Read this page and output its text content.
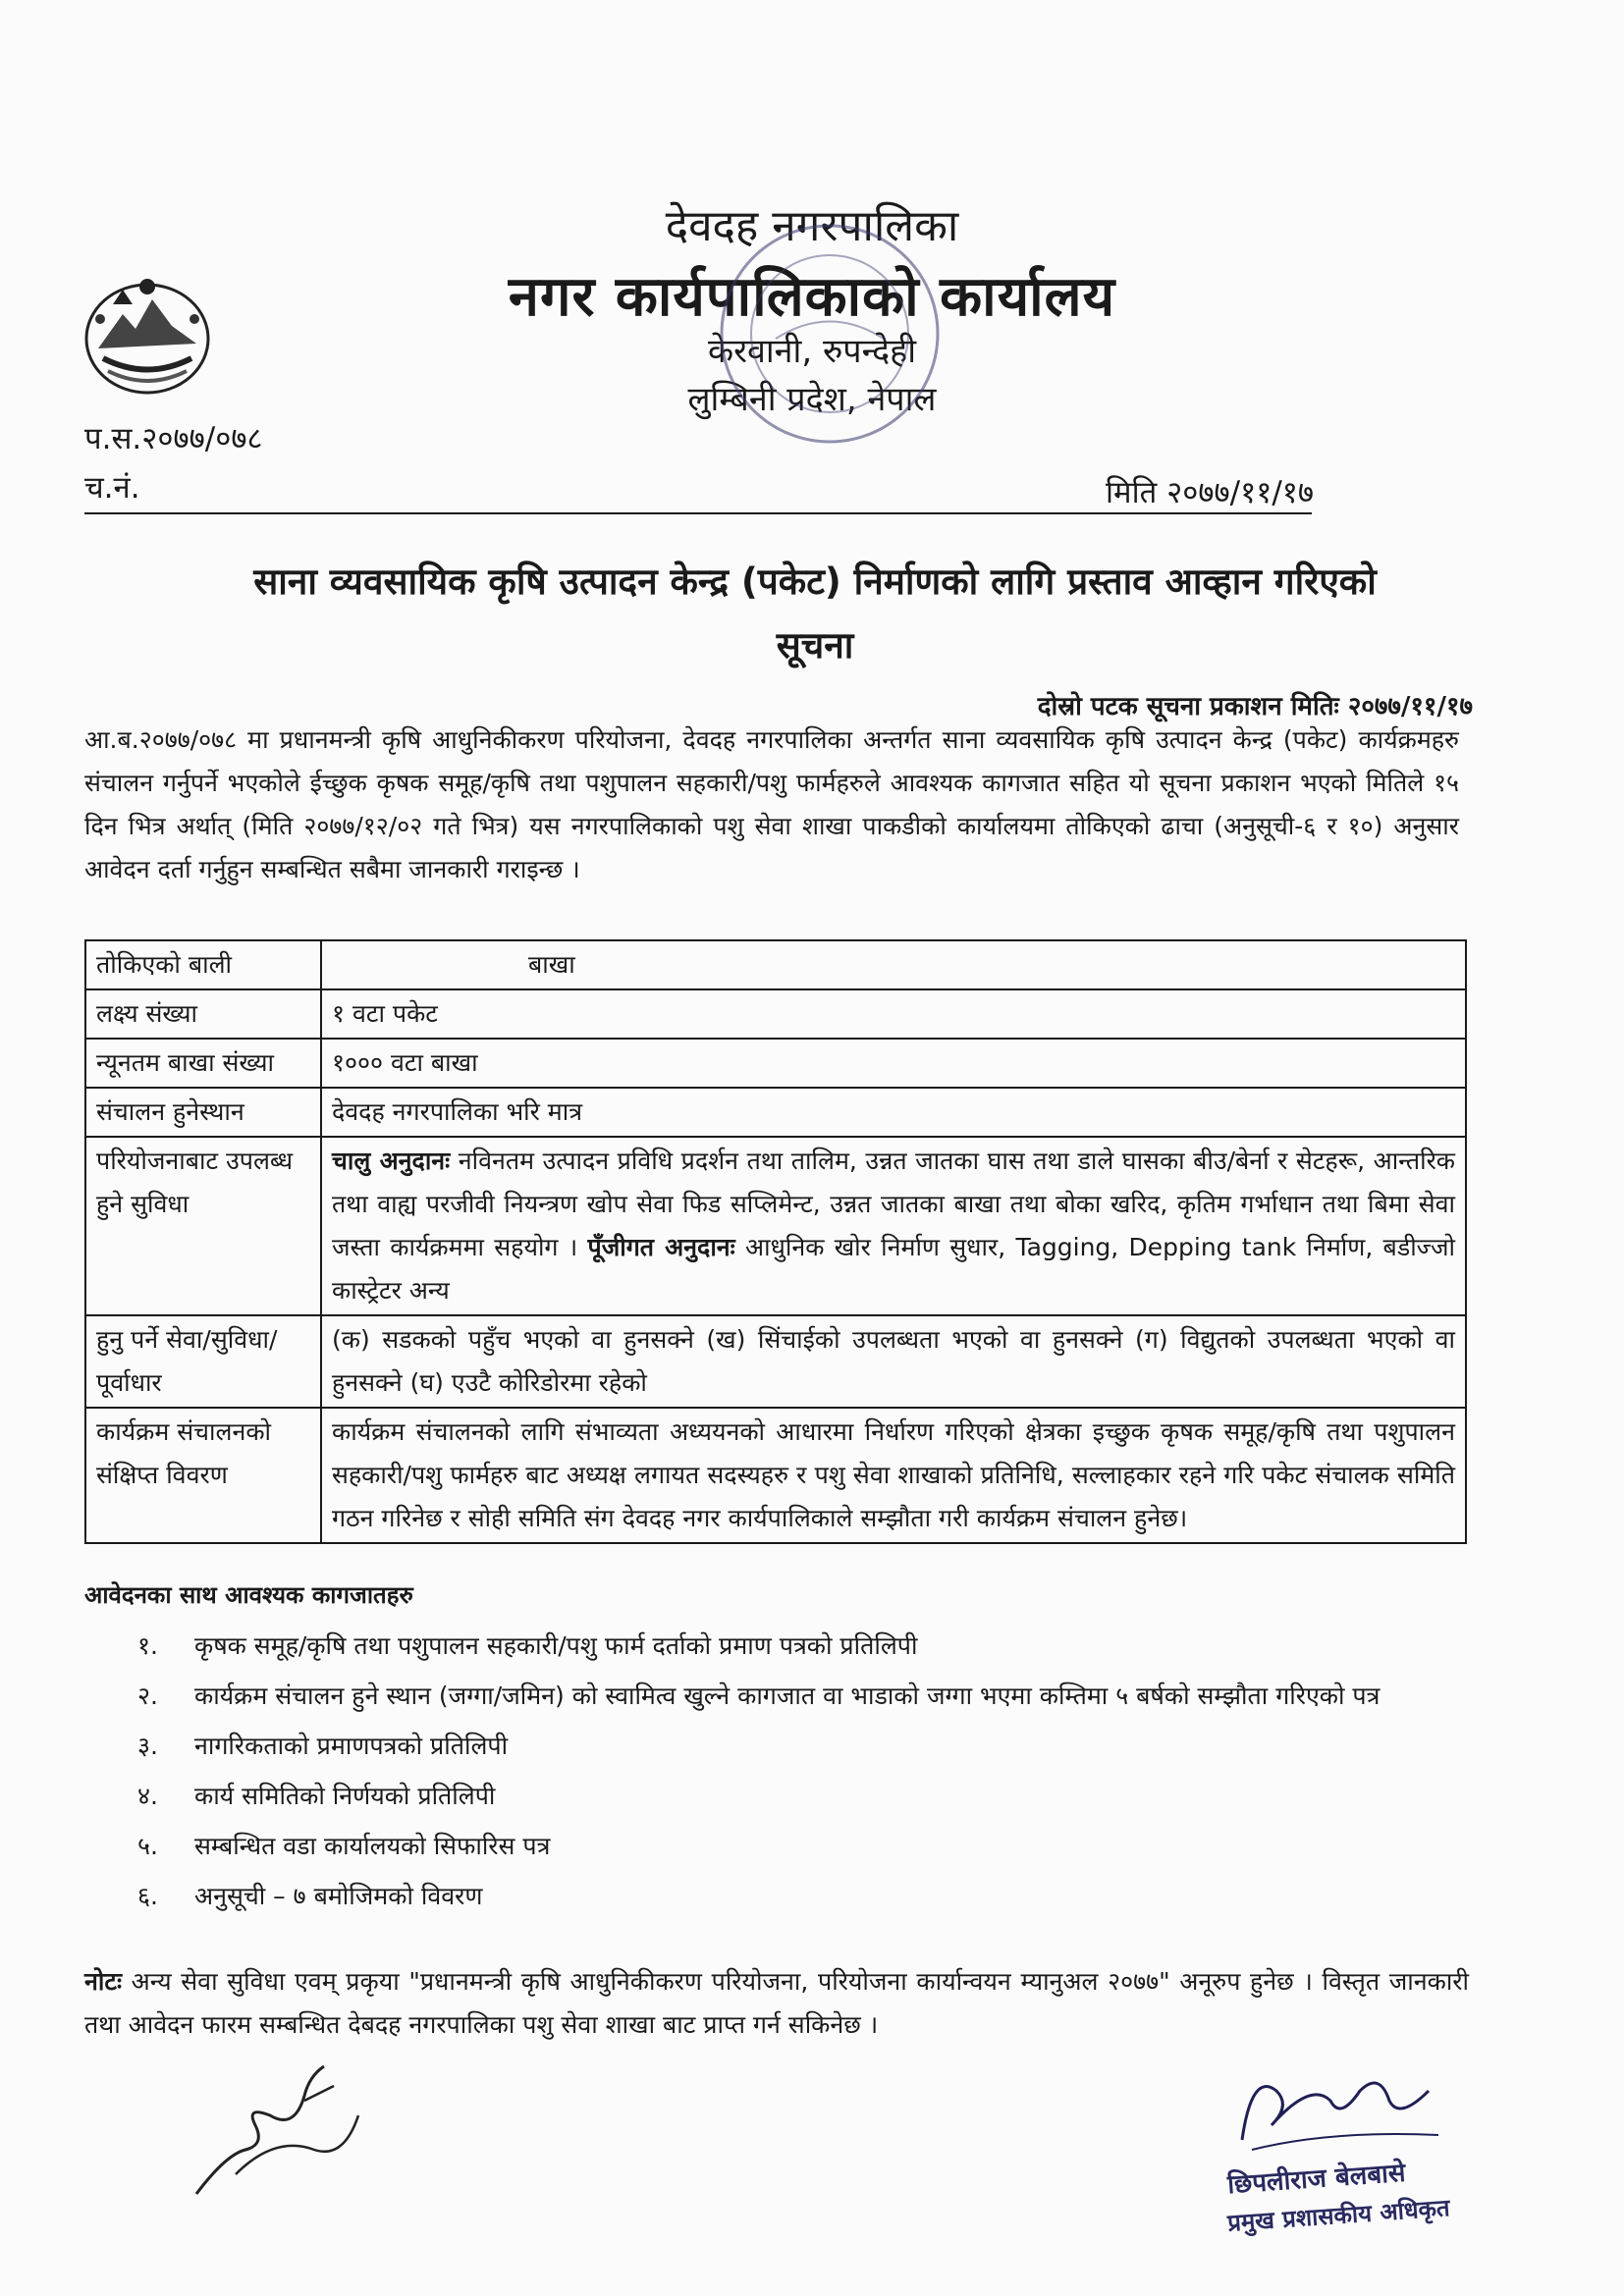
देवदह नगरपालिका
नगर कार्यपालिकाको कार्यालय
केरवानी, रुपन्देही
लुम्बिनी प्रदेश, नेपाल
प.स.२०७७/०७८
च.नं.	मिति २०७७/११/१७
साना व्यवसायिक कृषि उत्पादन केन्द्र (पकेट) निर्माणको लागि प्रस्ताव आव्हान गरिएको
सूचना
दोस्रो पटक सूचना प्रकाशन मितिः २०७७/११/१७
आ.ब.२०७७/०७८ मा प्रधानमन्त्री कृषि आधुनिकीकरण परियोजना, देवदह नगरपालिका अन्तर्गत साना व्यवसायिक कृषि उत्पादन केन्द्र (पकेट) कार्यक्रमहरु संचालन गर्नुपर्ने भएकोले ईच्छुक कृषक समूह/कृषि तथा पशुपालन सहकारी/पशु फार्महरुले आवश्यक कागजात सहित यो सूचना प्रकाशन भएको मितिले १५ दिन भित्र अर्थात् (मिति २०७७/१२/०२ गते भित्र) यस नगरपालिकाको पशु सेवा शाखा पाकडीको कार्यालयमा तोकिएको ढाचा (अनुसूची-६ र १०) अनुसार आवेदन दर्ता गर्नुहुन सम्बन्धित सबैमा जानकारी गराइन्छ ।
तोकिएको बाली	बाखा
लक्ष्य संख्या	१ वटा पकेट
न्यूनतम बाखा संख्या	१००० वटा बाखा
संचालन हुनेस्थान	देवदह नगरपालिका भरि मात्र
परियोजनाबाट उपलब्ध हुने सुविधा	चालु अनुदानः नविनतम उत्पादन प्रविधि प्रदर्शन तथा तालिम, उन्नत जातका घास तथा डाले घासका बीउ/बेर्ना र सेटहरू, आन्तरिक तथा वाह्य परजीवी नियन्त्रण खोप सेवा फिड सप्लिमेन्ट, उन्नत जातका बाखा तथा बोका खरिद, कृतिम गर्भाधान तथा बिमा सेवा जस्ता कार्यक्रममा सहयोग । पूँजीगत अनुदानः आधुनिक खोर निर्माण सुधार, Tagging, Depping tank निर्माण, बडीज्जो कास्ट्रेटर अन्य
हुनु पर्ने सेवा/सुविधा/पूर्वाधार	(क) सडकको पहुँच भएको वा हुनसक्ने (ख) सिंचाईको उपलब्धता भएको वा हुनसक्ने (ग) विद्युतको उपलब्धता भएको वा हुनसक्ने (घ) एउटै कोरिडोरमा रहेको
कार्यक्रम संचालनको संक्षिप्त विवरण	कार्यक्रम संचालनको लागि संभाव्यता अध्ययनको आधारमा निर्धारण गरिएको क्षेत्रका इच्छुक कृषक समूह/कृषि तथा पशुपालन सहकारी/पशु फार्महरु बाट अध्यक्ष लगायत सदस्यहरु र पशु सेवा शाखाको प्रतिनिधि, सल्लाहकार रहने गरि पकेट संचालक समिति गठन गरिनेछ र सोही समिति संग देवदह नगर कार्यपालिकाले सम्झौता गरी कार्यक्रम संचालन हुनेछ।
आवेदनका साथ आवश्यक कागजातहरु
१.	कृषक समूह/कृषि तथा पशुपालन सहकारी/पशु फार्म दर्ताको प्रमाण पत्रको प्रतिलिपी
२.	कार्यक्रम संचालन हुने स्थान (जग्गा/जमिन) को स्वामित्व खुल्ने कागजात वा भाडाको जग्गा भएमा कम्तिमा ५ बर्षको सम्झौता गरिएको पत्र
३.	नागरिकताको प्रमाणपत्रको प्रतिलिपी
४.	कार्य समितिको निर्णयको प्रतिलिपी
५.	सम्बन्धित वडा कार्यालयको सिफारिस पत्र
६.	अनुसूची – ७ बमोजिमको विवरण
नोटः अन्य सेवा सुविधा एवम् प्रकृया "प्रधानमन्त्री कृषि आधुनिकीकरण परियोजना, परियोजना कार्यान्वयन म्यानुअल २०७७" अनूरुप हुनेछ । विस्तृत जानकारी तथा आवेदन फारम सम्बन्धित देबदह नगरपालिका पशु सेवा शाखा बाट प्राप्त गर्न सकिनेछ ।
छिपलीराज बेलबासे
प्रमुख प्रशासकीय अधिकृत
